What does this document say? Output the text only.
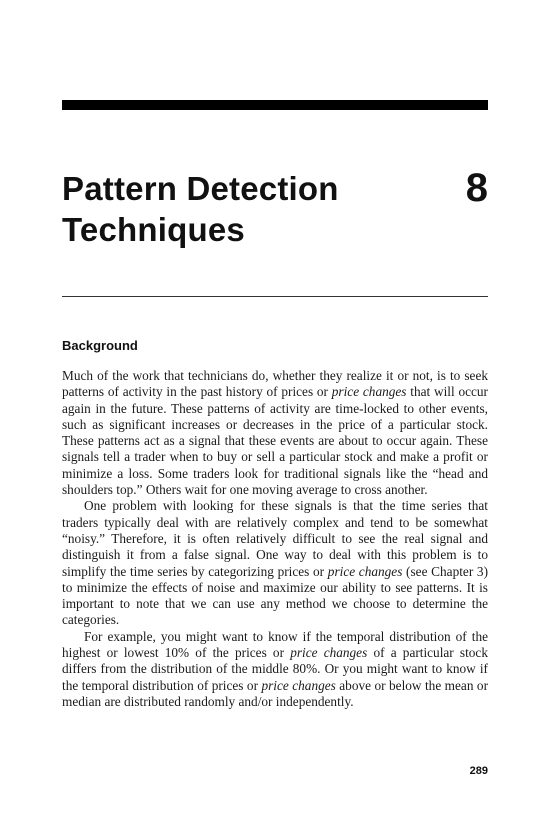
Pattern Detection Techniques
8
Background

Much of the work that technicians do, whether they realize it or not, is to seek patterns of activity in the past history of prices or price changes that will occur again in the future. These patterns of activity are time-locked to other events, such as significant increases or decreases in the price of a particular stock. These patterns act as a signal that these events are about to occur again. These signals tell a trader when to buy or sell a particular stock and make a profit or minimize a loss. Some traders look for traditional signals like the “head and shoulders top.” Others wait for one moving average to cross another.

One problem with looking for these signals is that the time series that traders typically deal with are relatively complex and tend to be somewhat “noisy.” Therefore, it is often relatively difficult to see the real signal and distinguish it from a false signal. One way to deal with this problem is to simplify the time series by categorizing prices or price changes (see Chapter 3) to minimize the effects of noise and maximize our ability to see patterns. It is important to note that we can use any method we choose to determine the categories.

For example, you might want to know if the temporal distribution of the highest or lowest 10% of the prices or price changes of a particular stock differs from the distribution of the middle 80%. Or you might want to know if the temporal distribution of prices or price changes above or below the mean or median are distributed randomly and/or independently.

289
